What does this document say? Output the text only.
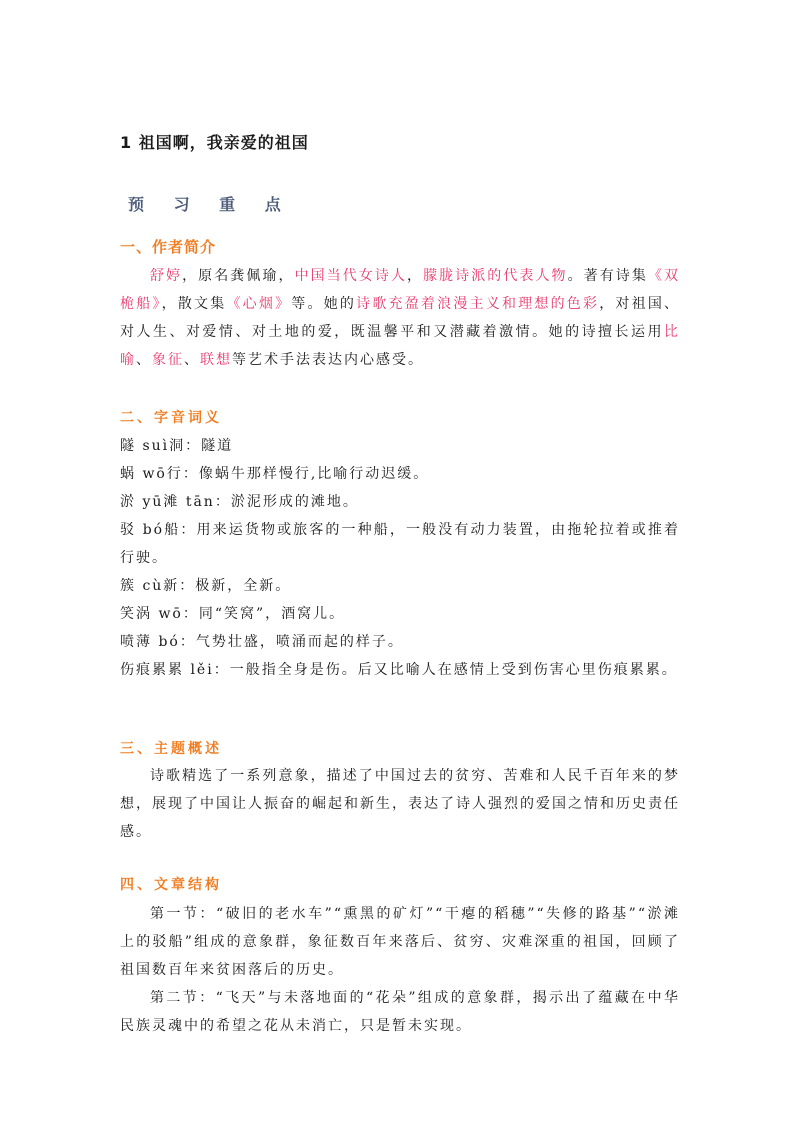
1 祖国啊，我亲爱的祖国
预 习 重 点
一、作者简介

舒婷，原名龚佩瑜，中国当代女诗人，朦胧诗派的代表人物。著有诗集《双桅船》，散文集《心烟》等。她的诗歌充盈着浪漫主义和理想的色彩，对祖国、对人生、对爱情、对土地的爱，既温馨平和又潜藏着激情。她的诗擅长运用比喻、象征、联想等艺术手法表达内心感受。

二、字音词义

隧 suì洞：隧道

蜗 wō行：像蜗牛那样慢行,比喻行动迟缓。

淤 yū滩 tān：淤泥形成的滩地。

驳 bó船：用来运货物或旅客的一种船，一般没有动力装置，由拖轮拉着或推着行驶。

簇 cù新：极新，全新。

笑涡 wō：同“笑窝”，酒窝儿。

喷薄 bó：气势壮盛，喷涌而起的样子。

伤痕累累 lěi：一般指全身是伤。后又比喻人在感情上受到伤害心里伤痕累累。

三、主题概述

诗歌精选了一系列意象，描述了中国过去的贫穷、苦难和人民千百年来的梦想，展现了中国让人振奋的崛起和新生，表达了诗人强烈的爱国之情和历史责任感。

四、文章结构

第一节：“破旧的老水车”“熏黑的矿灯”“干瘪的稻穗”“失修的路基”“淤滩上的驳船”组成的意象群，象征数百年来落后、贫穷、灾难深重的祖国，回顾了祖国数百年来贫困落后的历史。

第二节：“飞天”与未落地面的“花朵”组成的意象群，揭示出了蕴藏在中华民族灵魂中的希望之花从未消亡，只是暂未实现。
